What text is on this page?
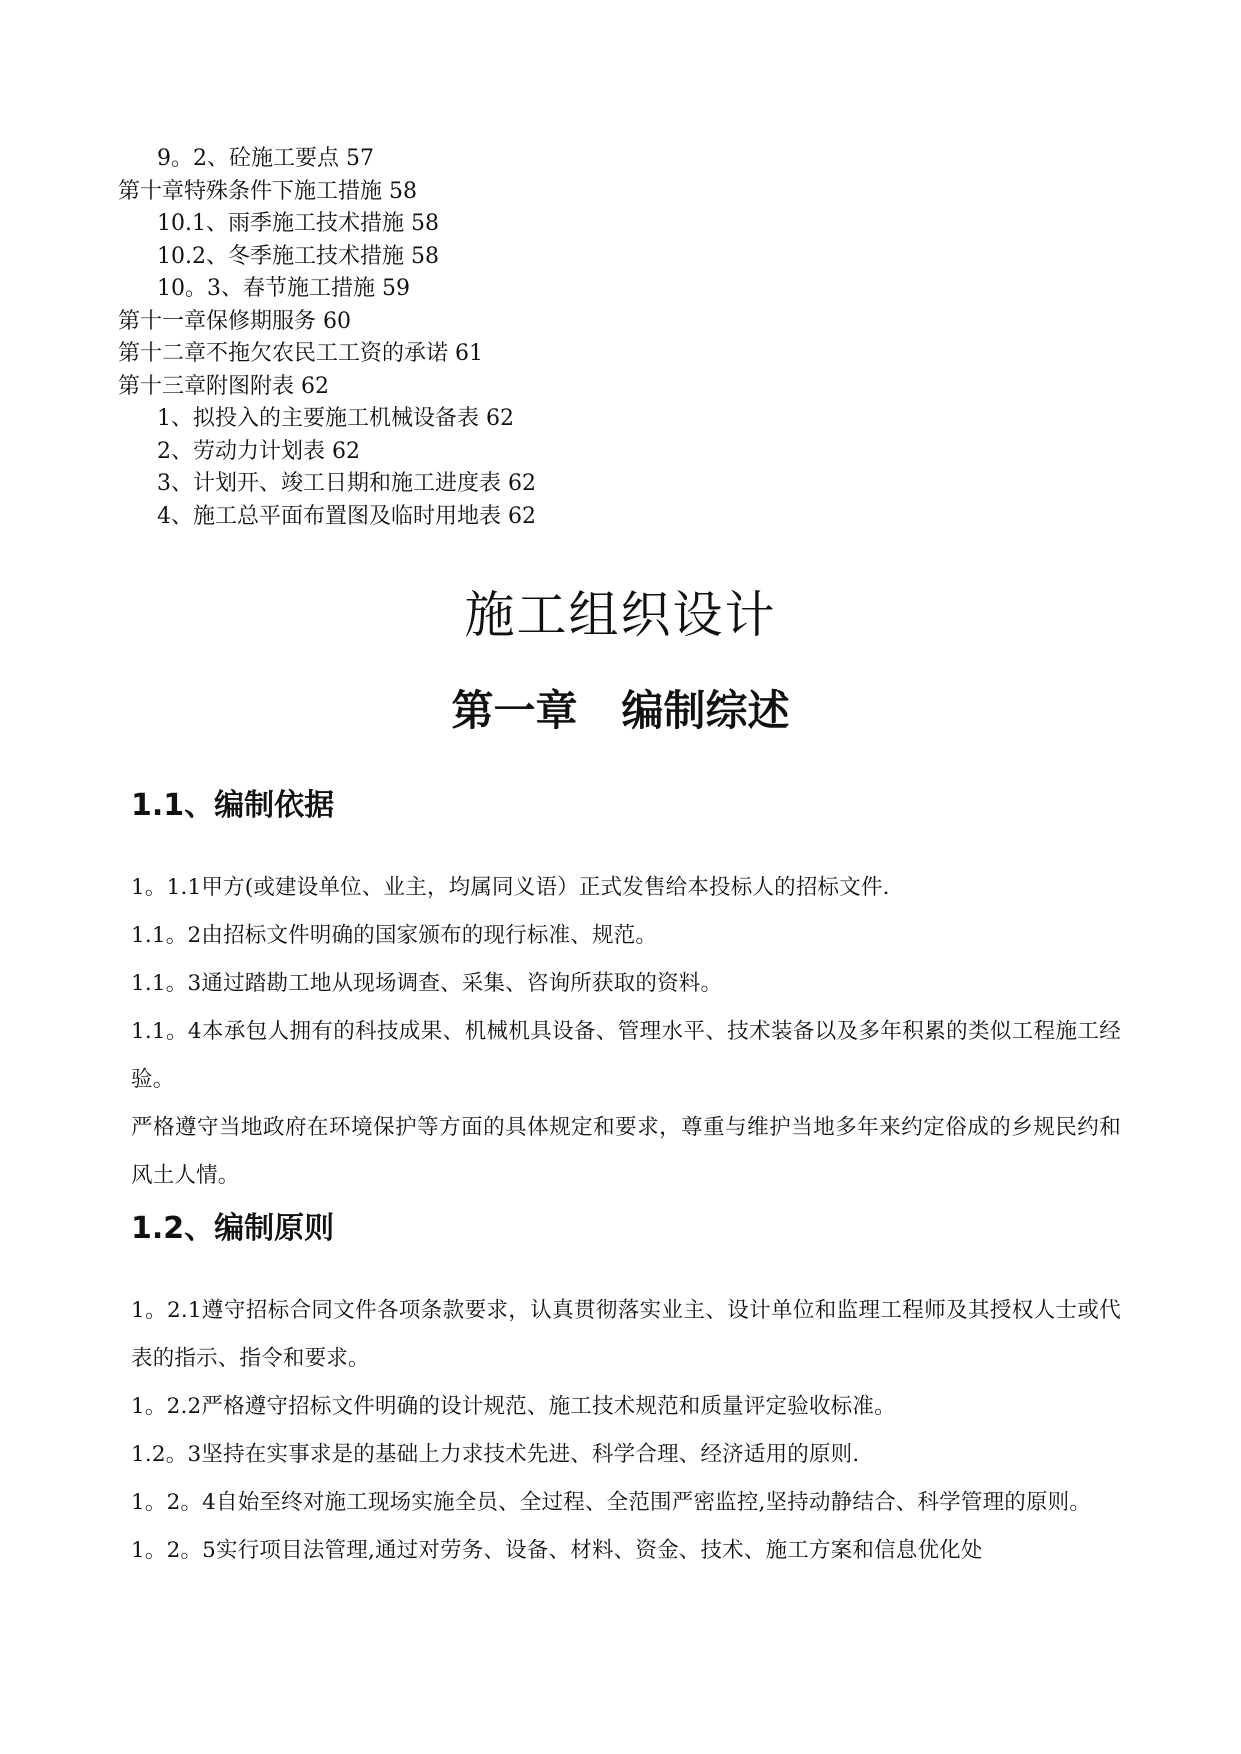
9。2、砼施工要点 57
第十章特殊条件下施工措施 58
10.1、雨季施工技术措施 58
10.2、冬季施工技术措施 58
10。3、春节施工措施 59
第十一章保修期服务 60
第十二章不拖欠农民工工资的承诺 61
第十三章附图附表 62
1、拟投入的主要施工机械设备表 62
2、劳动力计划表 62
3、计划开、竣工日期和施工进度表 62
4、施工总平面布置图及临时用地表 62
施工组织设计
第一章 编制综述
1.1、编制依据

1。1.1甲方(或建设单位、业主，均属同义语）正式发售给本投标人的招标文件.

1.1。2由招标文件明确的国家颁布的现行标准、规范。

1.1。3通过踏勘工地从现场调查、采集、咨询所获取的资料。

1.1。4本承包人拥有的科技成果、机械机具设备、管理水平、技术装备以及多年积累的类似工程施工经验。

严格遵守当地政府在环境保护等方面的具体规定和要求，尊重与维护当地多年来约定俗成的乡规民约和风土人情。

1.2、编制原则

1。2.1遵守招标合同文件各项条款要求，认真贯彻落实业主、设计单位和监理工程师及其授权人士或代表的指示、指令和要求。

1。2.2严格遵守招标文件明确的设计规范、施工技术规范和质量评定验收标准。

1.2。3坚持在实事求是的基础上力求技术先进、科学合理、经济适用的原则.

1。2。4自始至终对施工现场实施全员、全过程、全范围严密监控,坚持动静结合、科学管理的原则。

1。2。5实行项目法管理,通过对劳务、设备、材料、资金、技术、施工方案和信息优化处
